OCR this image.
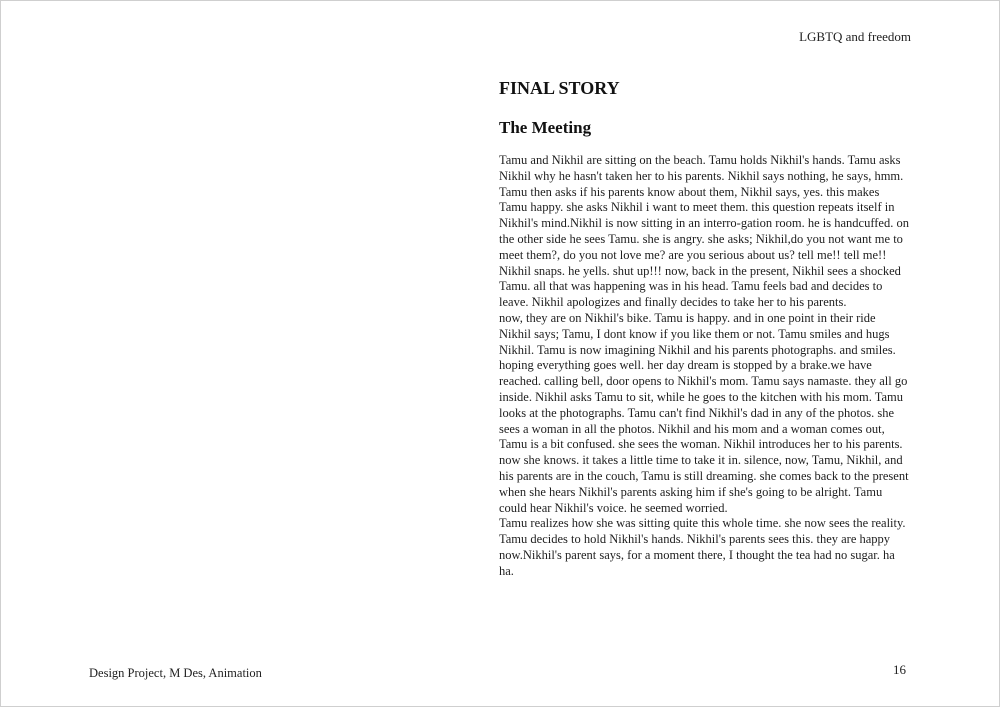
LGBTQ and freedom
FINAL STORY
The Meeting

Tamu and Nikhil are sitting on the beach. Tamu holds Nikhil's hands. Tamu asks Nikhil why he hasn't taken her to his parents. Nikhil says nothing, he says, hmm. Tamu then asks if his parents know about them, Nikhil says, yes. this makes Tamu happy. she asks Nikhil i want to meet them. this question repeats itself in Nikhil's mind.Nikhil is now sitting in an interro-gation room. he is handcuffed. on the other side he sees Tamu. she is angry. she asks; Nikhil,do you not want me to meet them?, do you not love me? are you serious about us? tell me!! tell me!!

Nikhil snaps. he yells. shut up!!! now, back in the present, Nikhil sees a shocked Tamu. all that was happening was in his head. Tamu feels bad and decides to leave. Nikhil apologizes and finally decides to take her to his parents.

now, they are on Nikhil's bike. Tamu is happy. and in one point in their ride Nikhil says; Tamu, I dont know if you like them or not. Tamu smiles and hugs Nikhil. Tamu is now imagining Nikhil and his parents photographs. and smiles. hoping everything goes well. her day dream is stopped by a brake.we have reached. calling bell, door opens to Nikhil's mom. Tamu says namaste. they all go inside. Nikhil asks Tamu to sit, while he goes to the kitchen with his mom. Tamu looks at the photographs. Tamu can't find Nikhil's dad in any of the photos. she sees a woman in all the photos. Nikhil and his mom and a woman comes out, Tamu is a bit confused. she sees the woman. Nikhil introduces her to his parents. now she knows. it takes a little time to take it in. silence, now, Tamu, Nikhil, and his parents are in the couch, Tamu is still dreaming. she comes back to the present when she hears Nikhil's parents asking him if she's going to be alright. Tamu could hear Nikhil's voice. he seemed worried.

Tamu realizes how she was sitting quite this whole time. she now sees the reality. Tamu decides to hold Nikhil's hands. Nikhil's parents sees this. they are happy now.Nikhil's parent says, for a moment there, I thought the tea had no sugar. ha ha.

Design Project, M Des, Animation	16
